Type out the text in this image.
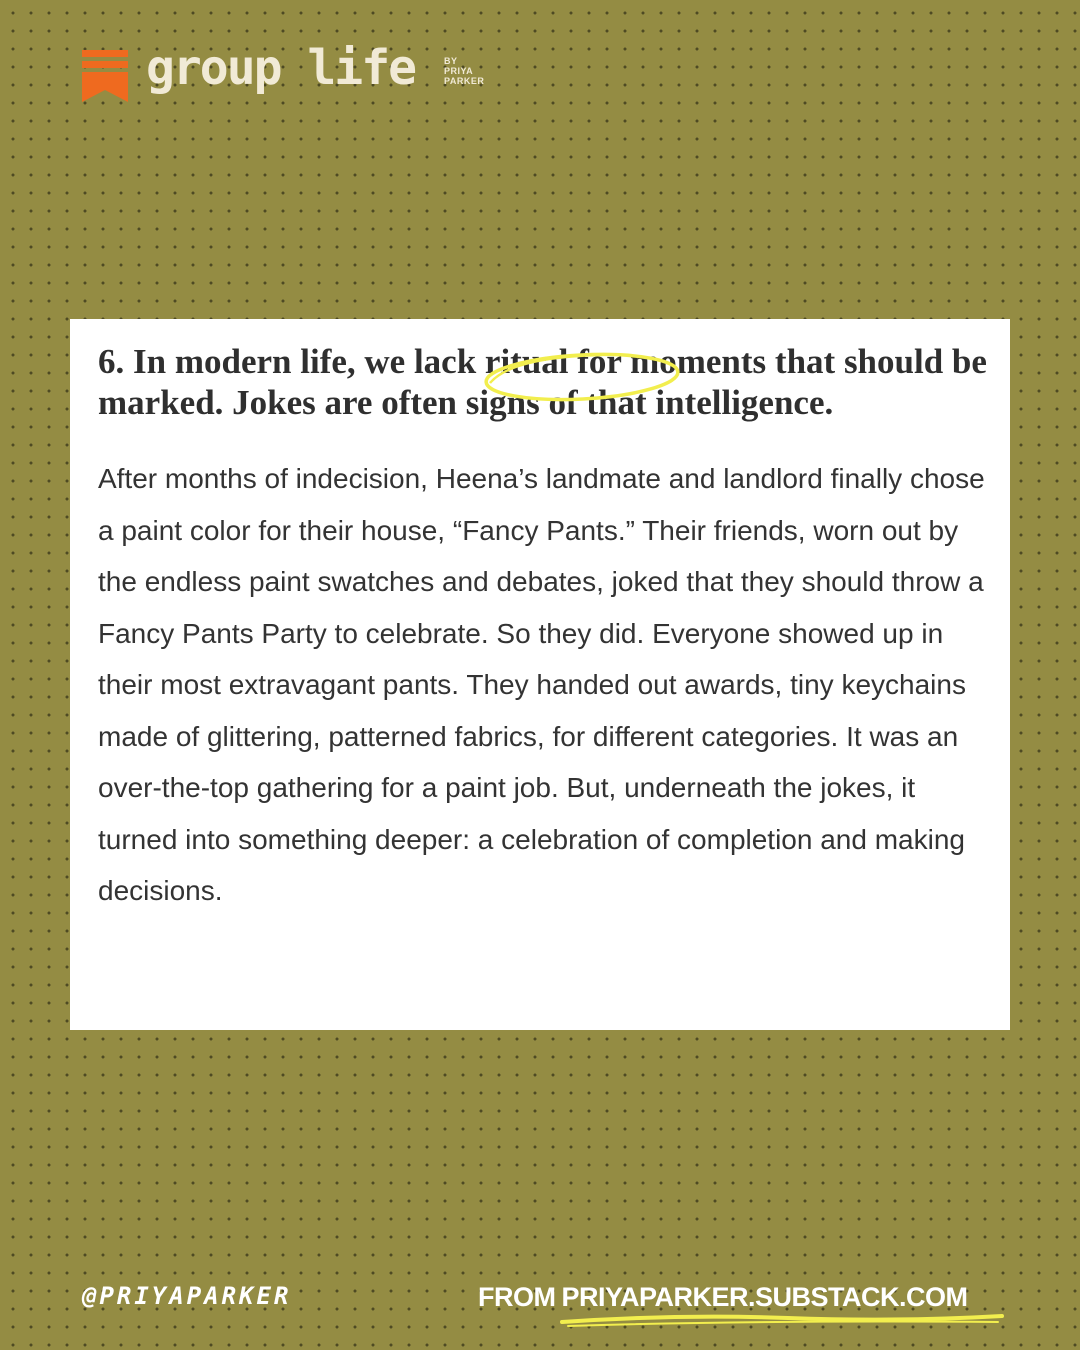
group life	BY
PRIYA
PARKER
6. In modern life, we lack ritual for moments that should be marked. Jokes are often signs of that intelligence.

After months of indecision, Heena’s landmate and landlord finally chose a paint color for their house, “Fancy Pants.” Their friends, worn out by the endless paint swatches and debates, joked that they should throw a Fancy Pants Party to celebrate. So they did. Everyone showed up in their most extravagant pants. They handed out awards, tiny keychains made of glittering, patterned fabrics, for different categories. It was an over-the-top gathering for a paint job. But, underneath the jokes, it turned into something deeper: a celebration of completion and making decisions.

@PRIYAPARKER	FROM PRIYAPARKER.SUBSTACK.COM
